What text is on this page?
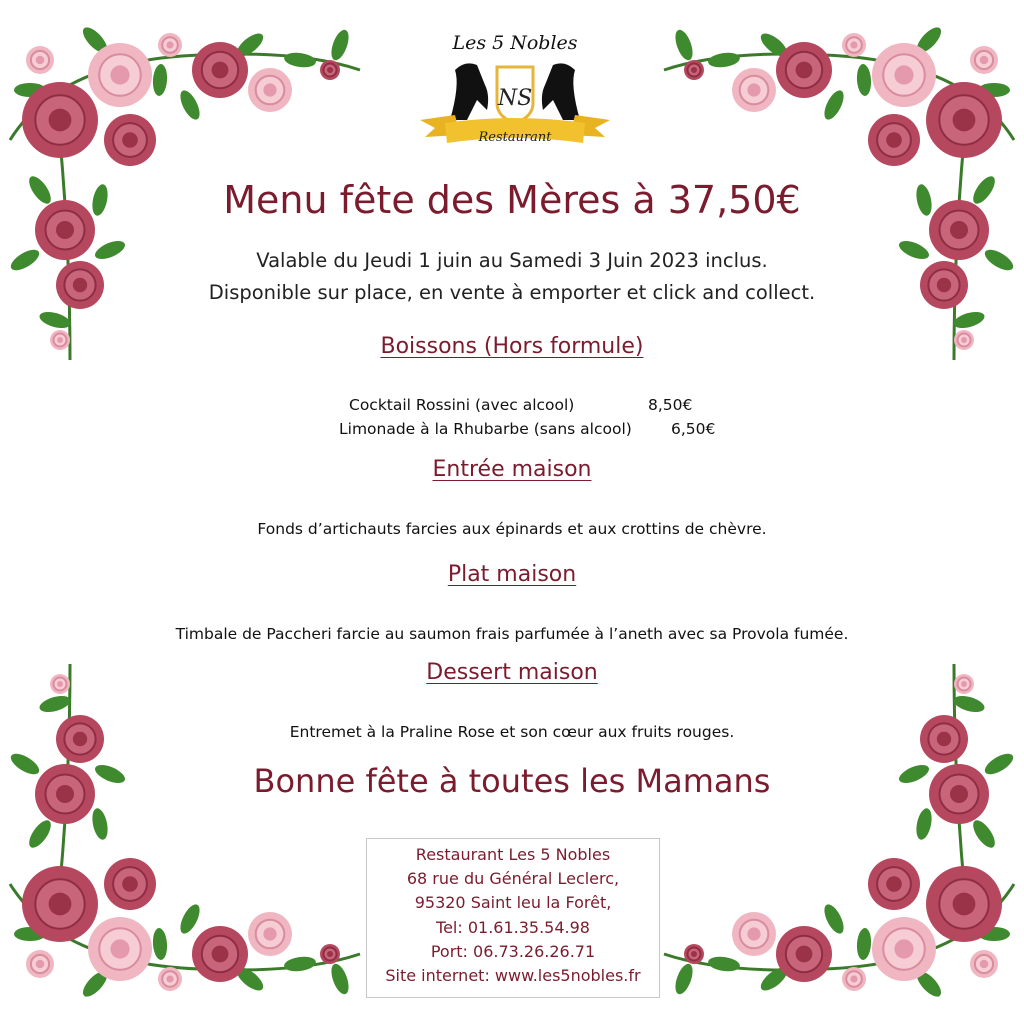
Les 5 Nobles
NS
Restaurant
Menu fête des Mères à 37,50€
Valable du Jeudi 1 juin au Samedi 3 Juin 2023 inclus.
Disponible sur place, en vente à emporter et click and collect.
Boissons (Hors formule)
Cocktail Rossini (avec alcool)	8,50€
Limonade à la Rhubarbe (sans alcool)	6,50€
Entrée maison
Fonds d’artichauts farcies aux épinards et aux crottins de chèvre.
Plat maison
Timbale de Paccheri farcie au saumon frais parfumée à l’aneth avec sa Provola fumée.
Dessert maison
Entremet à la Praline Rose et son cœur aux fruits rouges.
Bonne fête à toutes les Mamans
Restaurant Les 5 Nobles
68 rue du Général Leclerc,
95320 Saint leu la Forêt,
Tel: 01.61.35.54.98
Port: 06.73.26.26.71
Site internet: www.les5nobles.fr
